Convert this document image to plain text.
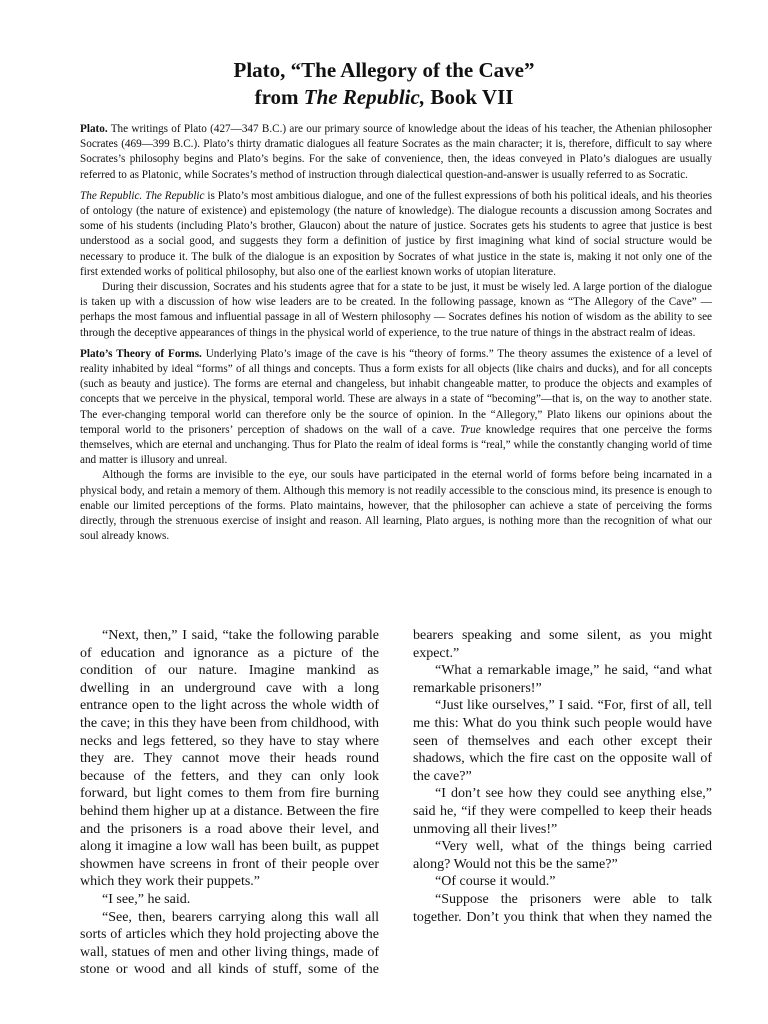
Plato, “The Allegory of the Cave”
from The Republic, Book VII

Plato. The writings of Plato (427—347 B.C.) are our primary source of knowledge about the ideas of his teacher, the Athenian philosopher Socrates (469—399 B.C.). Plato’s thirty dramatic dialogues all feature Socrates as the main character; it is, therefore, difficult to say where Socrates’s philosophy begins and Plato’s begins. For the sake of convenience, then, the ideas conveyed in Plato’s dialogues are usually referred to as Platonic, while Socrates’s method of instruction through dialectical question-and-answer is usually referred to as Socratic.

The Republic. The Republic is Plato’s most ambitious dialogue, and one of the fullest expressions of both his political ideals, and his theories of ontology (the nature of existence) and epistemology (the nature of knowledge). The dialogue recounts a discussion among Socrates and some of his students (including Plato’s brother, Glaucon) about the nature of justice. Socrates gets his students to agree that justice is best understood as a social good, and suggests they form a definition of justice by first imagining what kind of social structure would be necessary to produce it. The bulk of the dialogue is an exposition by Socrates of what justice in the state is, making it not only one of the first extended works of political philosophy, but also one of the earliest known works of utopian literature.

During their discussion, Socrates and his students agree that for a state to be just, it must be wisely led. A large portion of the dialogue is taken up with a discussion of how wise leaders are to be created. In the following passage, known as “The Allegory of the Cave” — perhaps the most famous and influential passage in all of Western philosophy — Socrates defines his notion of wisdom as the ability to see through the deceptive appearances of things in the physical world of experience, to the true nature of things in the abstract realm of ideas.

Plato’s Theory of Forms. Underlying Plato’s image of the cave is his “theory of forms.” The theory assumes the existence of a level of reality inhabited by ideal “forms” of all things and concepts. Thus a form exists for all objects (like chairs and ducks), and for all concepts (such as beauty and justice). The forms are eternal and changeless, but inhabit changeable matter, to produce the objects and examples of concepts that we perceive in the physical, temporal world. These are always in a state of “becoming”—that is, on the way to another state. The ever-changing temporal world can therefore only be the source of opinion. In the “Allegory,” Plato likens our opinions about the temporal world to the prisoners’ perception of shadows on the wall of a cave. True knowledge requires that one perceive the forms themselves, which are eternal and unchanging. Thus for Plato the realm of ideal forms is “real,” while the constantly changing world of time and matter is illusory and unreal.

Although the forms are invisible to the eye, our souls have participated in the eternal world of forms before being incarnated in a physical body, and retain a memory of them. Although this memory is not readily accessible to the conscious mind, its presence is enough to enable our limited perceptions of the forms. Plato maintains, however, that the philosopher can achieve a state of perceiving the forms directly, through the strenuous exercise of insight and reason. All learning, Plato argues, is nothing more than the recognition of what our soul already knows.

“Next, then,” I said, “take the following parable of education and ignorance as a picture of the condition of our nature. Imagine mankind as dwelling in an underground cave with a long entrance open to the light across the whole width of the cave; in this they have been from childhood, with necks and legs fettered, so they have to stay where they are. They cannot move their heads round because of the fetters, and they can only look forward, but light comes to them from fire burning behind them higher up at a distance. Between the fire and the prisoners is a road above their level, and along it imagine a low wall has been built, as puppet showmen have screens in front of their people over which they work their puppets.”

“I see,” he said.

“See, then, bearers carrying along this wall all sorts of articles which they hold projecting above the wall, statues of men and other living things, made of stone or wood and all kinds of stuff, some of the

bearers speaking and some silent, as you might expect.”

“What a remarkable image,” he said, “and what remarkable prisoners!”

“Just like ourselves,” I said. “For, first of all, tell me this: What do you think such people would have seen of themselves and each other except their shadows, which the fire cast on the opposite wall of the cave?”

“I don’t see how they could see anything else,” said he, “if they were compelled to keep their heads unmoving all their lives!”

“Very well, what of the things being carried along? Would not this be the same?”

“Of course it would.”

“Suppose the prisoners were able to talk together. Don’t you think that when they named the
